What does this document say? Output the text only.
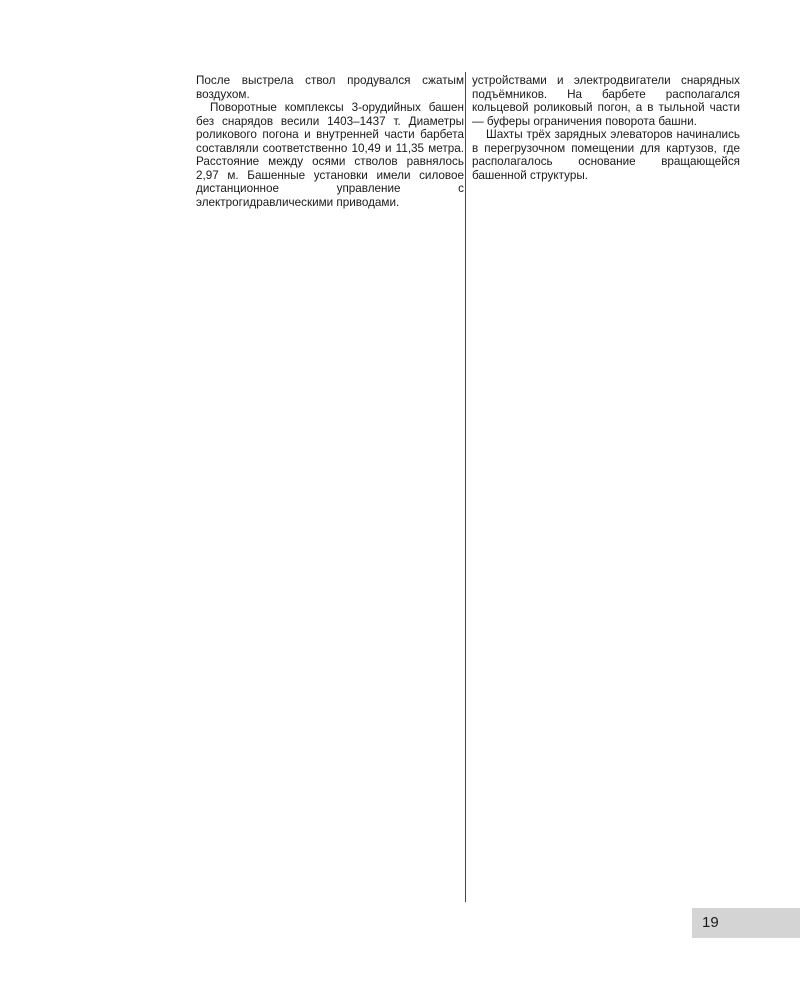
После выстрела ствол продувался сжатым воздухом.

Поворотные комплексы 3-орудийных башен без снарядов весили 1403–1437 т. Диаметры роликового погона и внутренней части барбета составляли соответственно 10,49 и 11,35 метра. Расстояние между осями стволов равнялось 2,97 м. Башенные установки имели силовое дистанционное управление с электрогидравлическими приводами.

устройствами и электродвигатели снарядных подъёмников. На барбете располагался кольцевой роликовый погон, а в тыльной части — буферы ограничения поворота башни.

Шахты трёх зарядных элеваторов начинались в перегрузочном помещении для картузов, где располагалось основание вращающейся башенной структуры.

19
